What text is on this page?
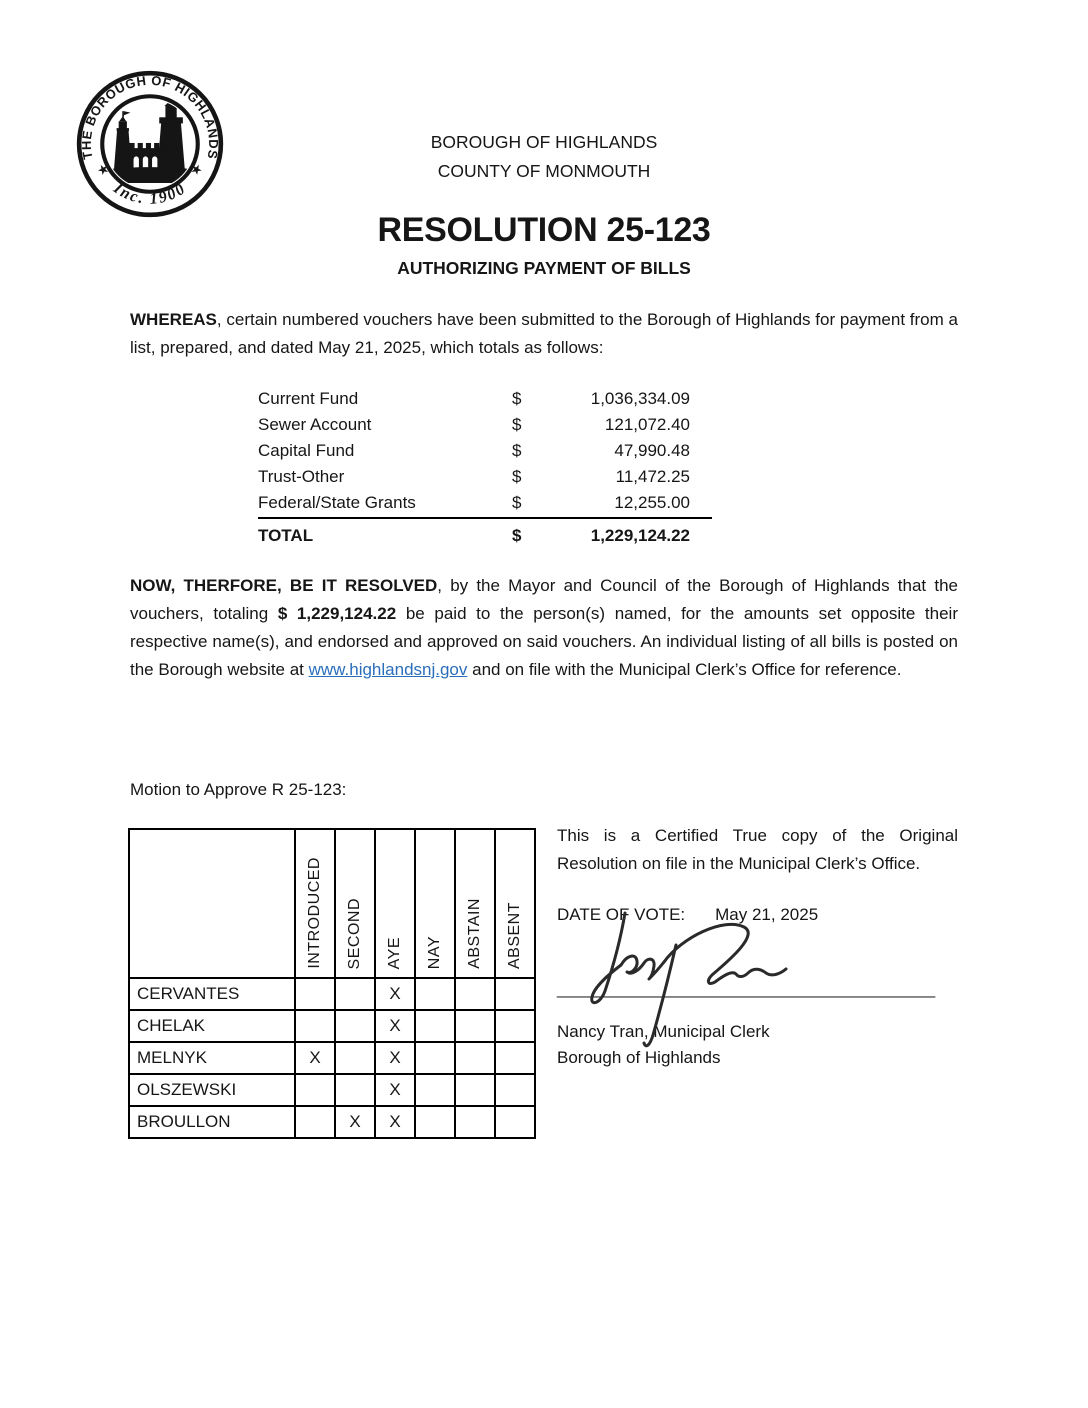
THE BOROUGH OF HIGHLANDS
Inc. 1900
★	★
BOROUGH OF HIGHLANDS
COUNTY OF MONMOUTH
RESOLUTION 25-123
AUTHORIZING PAYMENT OF BILLS

WHEREAS, certain numbered vouchers have been submitted to the Borough of Highlands for payment from a list, prepared, and dated May 21, 2025, which totals as follows:

Current Fund	$	1,036,334.09
Sewer Account	$	121,072.40
Capital Fund	$	47,990.48
Trust-Other	$	11,472.25
Federal/State Grants	$	12,255.00
TOTAL	$	1,229,124.22

NOW, THERFORE, BE IT RESOLVED, by the Mayor and Council of the Borough of Highlands that the vouchers, totaling $ 1,229,124.22 be paid to the person(s) named, for the amounts set opposite their respective name(s), and endorsed and approved on said vouchers. An individual listing of all bills is posted on the Borough website at www.highlandsnj.gov and on file with the Municipal Clerk’s Office for reference.

Motion to Approve R 25-123:
	INTRODUCED	SECOND	AYE	NAY	ABSTAIN	ABSENT
CERVANTES			X			
CHELAK			X			
MELNYK	X		X			
OLSZEWSKI			X			
BROULLON		X	X			

This is a Certified True copy of the Original Resolution on file in the Municipal Clerk’s Office.

DATE OF VOTE: May 21, 2025
________________________________________
Nancy Tran, Municipal Clerk
Borough of Highlands
